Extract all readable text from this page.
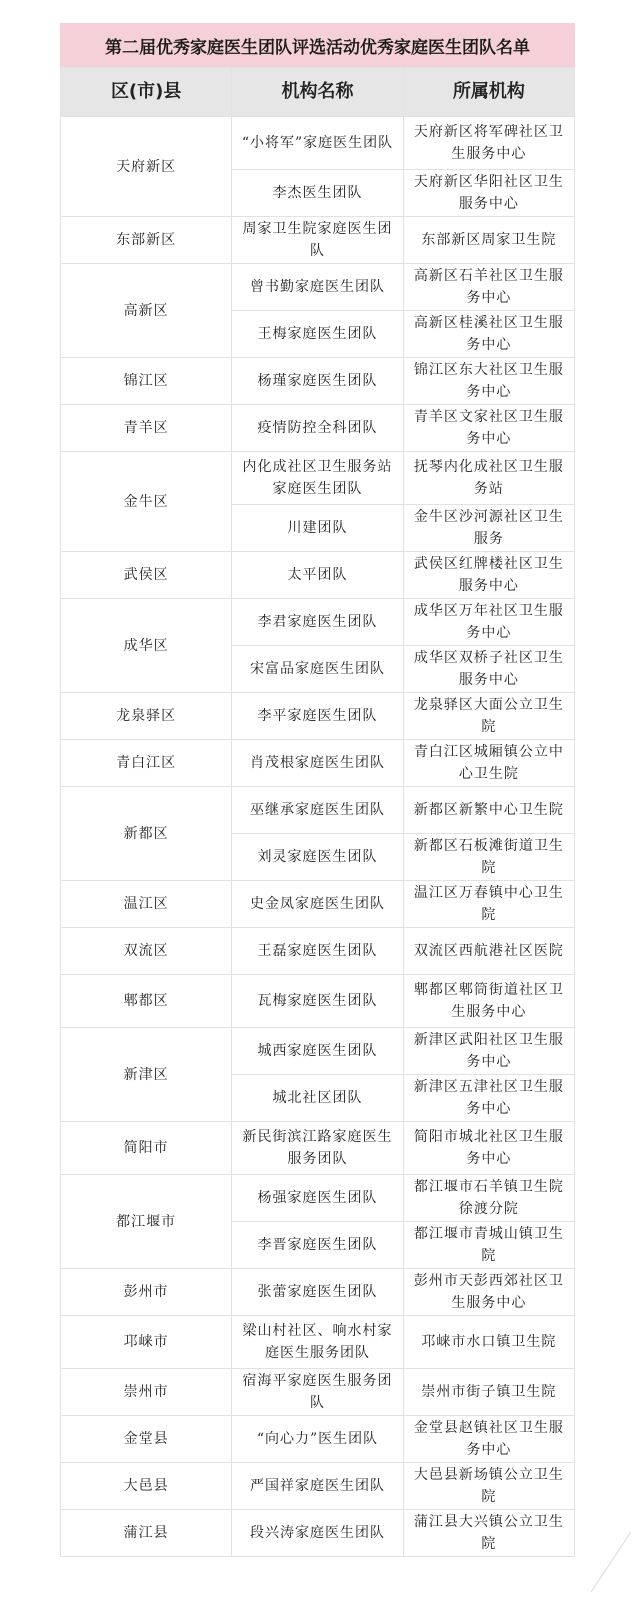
第二届优秀家庭医生团队评选活动优秀家庭医生团队名单
区(市)县	机构名称	所属机构
天府新区	“小将军”家庭医生团队	天府新区将军碑社区卫生服务中心
	李杰医生团队	天府新区华阳社区卫生服务中心
东部新区	周家卫生院家庭医生团队	东部新区周家卫生院
高新区	曾书勤家庭医生团队	高新区石羊社区卫生服务中心
	王梅家庭医生团队	高新区桂溪社区卫生服务中心
锦江区	杨瑾家庭医生团队	锦江区东大社区卫生服务中心
青羊区	疫情防控全科团队	青羊区文家社区卫生服务中心
金牛区	内化成社区卫生服务站家庭医生团队	抚琴内化成社区卫生服务站
	川建团队	金牛区沙河源社区卫生服务
武侯区	太平团队	武侯区红牌楼社区卫生服务中心
成华区	李君家庭医生团队	成华区万年社区卫生服务中心
	宋富品家庭医生团队	成华区双桥子社区卫生服务中心
龙泉驿区	李平家庭医生团队	龙泉驿区大面公立卫生院
青白江区	肖茂根家庭医生团队	青白江区城厢镇公立中心卫生院
新都区	巫继承家庭医生团队	新都区新繁中心卫生院
	刘灵家庭医生团队	新都区石板滩街道卫生院
温江区	史金凤家庭医生团队	温江区万春镇中心卫生院
双流区	王磊家庭医生团队	双流区西航港社区医院
郫都区	瓦梅家庭医生团队	郫都区郫筒街道社区卫生服务中心
新津区	城西家庭医生团队	新津区武阳社区卫生服务中心
	城北社区团队	新津区五津社区卫生服务中心
简阳市	新民街滨江路家庭医生服务团队	简阳市城北社区卫生服务中心
都江堰市	杨强家庭医生团队	都江堰市石羊镇卫生院徐渡分院
	李晋家庭医生团队	都江堰市青城山镇卫生院
彭州市	张蕾家庭医生团队	彭州市天彭西郊社区卫生服务中心
邛崃市	梁山村社区、响水村家庭医生服务团队	邛崃市水口镇卫生院
崇州市	宿海平家庭医生服务团队	崇州市街子镇卫生院
金堂县	“向心力”医生团队	金堂县赵镇社区卫生服务中心
大邑县	严国祥家庭医生团队	大邑县新场镇公立卫生院
蒲江县	段兴涛家庭医生团队	蒲江县大兴镇公立卫生院
